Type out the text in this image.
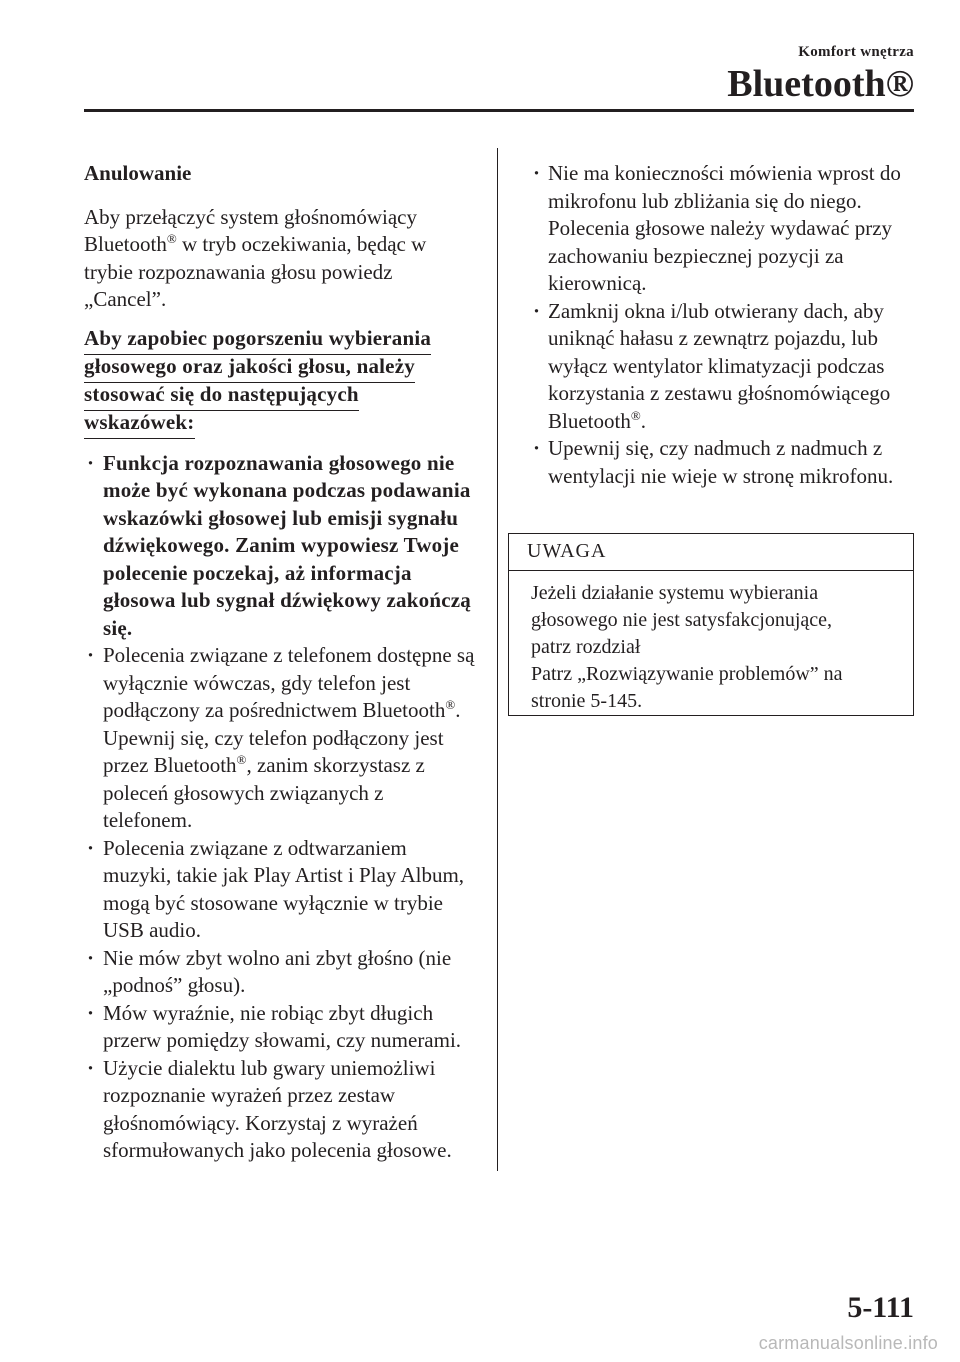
Komfort wnętrza
Bluetooth®

Anulowanie

Aby przełączyć system głośnomówiący Bluetooth® w tryb oczekiwania, będąc w trybie rozpoznawania głosu powiedz „Cancel”.

Aby zapobiec pogorszeniu wybierania
głosowego oraz jakości głosu, należy
stosować się do następujących
wskazówek:
· Funkcja rozpoznawania głosowego nie może być wykonana podczas podawania wskazówki głosowej lub emisji sygnału dźwiękowego. Zanim wypowiesz Twoje polecenie poczekaj, aż informacja głosowa lub sygnał dźwiękowy zakończą się.
· Polecenia związane z telefonem dostępne są wyłącznie wówczas, gdy telefon jest podłączony za pośrednictwem Bluetooth®. Upewnij się, czy telefon podłączony jest przez Bluetooth®, zanim skorzystasz z poleceń głosowych związanych z telefonem.
· Polecenia związane z odtwarzaniem muzyki, takie jak Play Artist i Play Album, mogą być stosowane wyłącznie w trybie USB audio.
· Nie mów zbyt wolno ani zbyt głośno (nie „podnoś” głosu).
· Mów wyraźnie, nie robiąc zbyt długich przerw pomiędzy słowami, czy numerami.
· Użycie dialektu lub gwary uniemożliwi rozpoznanie wyrażeń przez zestaw głośnomówiący. Korzystaj z wyrażeń sformułowanych jako polecenia głosowe.
· Nie ma konieczności mówienia wprost do mikrofonu lub zbliżania się do niego. Polecenia głosowe należy wydawać przy zachowaniu bezpiecznej pozycji za kierownicą.
· Zamknij okna i/lub otwierany dach, aby uniknąć hałasu z zewnątrz pojazdu, lub wyłącz wentylator klimatyzacji podczas korzystania z zestawu głośnomówiącego Bluetooth®.
· Upewnij się, czy nadmuch z nadmuch z wentylacji nie wieje w stronę mikrofonu.
UWAGA

Jeżeli działanie systemu wybierania

głosowego nie jest satysfakcjonujące,

patrz rozdział

Patrz „Rozwiązywanie problemów” na

stronie 5-145.

5-111
carmanualsonline.info
